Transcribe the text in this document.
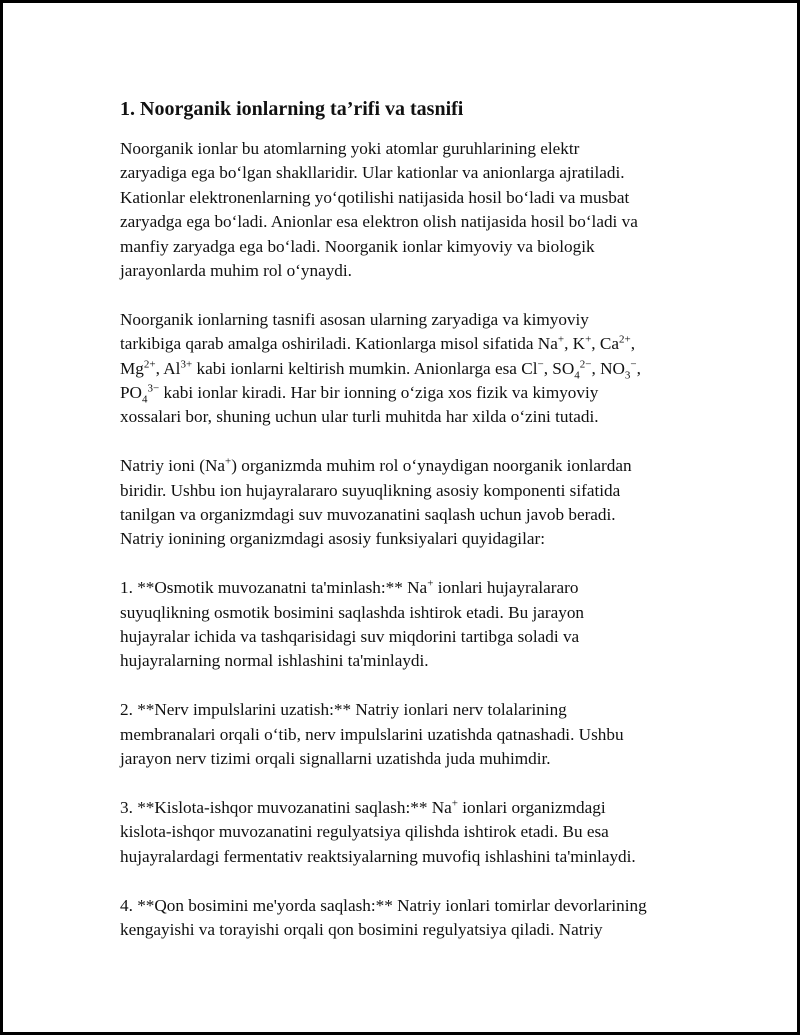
1. Noorganik ionlarning ta’rifi va tasnifi

Noorganik ionlar bu atomlarning yoki atomlar guruhlarining elektr
zaryadiga ega bo‘lgan shakllaridir. Ular kationlar va anionlarga ajratiladi.
Kationlar elektronenlarning yo‘qotilishi natijasida hosil bo‘ladi va musbat
zaryadga ega bo‘ladi. Anionlar esa elektron olish natijasida hosil bo‘ladi va
manfiy zaryadga ega bo‘ladi. Noorganik ionlar kimyoviy va biologik
jarayonlarda muhim rol o‘ynaydi.

Noorganik ionlarning tasnifi asosan ularning zaryadiga va kimyoviy
tarkibiga qarab amalga oshiriladi. Kationlarga misol sifatida Na+, K+, $Ca^{2+}$,
$Mg^{2+}$, $Al^{3+}$ kabi ionlarni keltirish mumkin. Anionlarga esa Cl−, $SO_4^{2-}$, $NO_3^-$,
$PO_4^{3-}$ kabi ionlar kiradi. Har bir ionning o‘ziga xos fizik va kimyoviy
xossalari bor, shuning uchun ular turli muhitda har xilda o‘zini tutadi.

Natriy ioni (Na+) organizmda muhim rol o‘ynaydigan noorganik ionlardan
biridir. Ushbu ion hujayralararo suyuqlikning asosiy komponenti sifatida
tanilgan va organizmdagi suv muvozanatini saqlash uchun javob beradi.
Natriy ionining organizmdagi asosiy funksiyalari quyidagilar:

1. **Osmotik muvozanatni ta'minlash:** Na+ ionlari hujayralararo
suyuqlikning osmotik bosimini saqlashda ishtirok etadi. Bu jarayon
hujayralar ichida va tashqarisidagi suv miqdorini tartibga soladi va
hujayralarning normal ishlashini ta'minlaydi.

2. **Nerv impulslarini uzatish:** Natriy ionlari nerv tolalarining
membranalari orqali o‘tib, nerv impulslarini uzatishda qatnashadi. Ushbu
jarayon nerv tizimi orqali signallarni uzatishda juda muhimdir.

3. **Kislota-ishqor muvozanatini saqlash:** Na+ ionlari organizmdagi
kislota-ishqor muvozanatini regulyatsiya qilishda ishtirok etadi. Bu esa
hujayralardagi fermentativ reaktsiyalarning muvofiq ishlashini ta'minlaydi.

4. **Qon bosimini me'yorda saqlash:** Natriy ionlari tomirlar devorlarining
kengayishi va torayishi orqali qon bosimini regulyatsiya qiladi. Natriy
